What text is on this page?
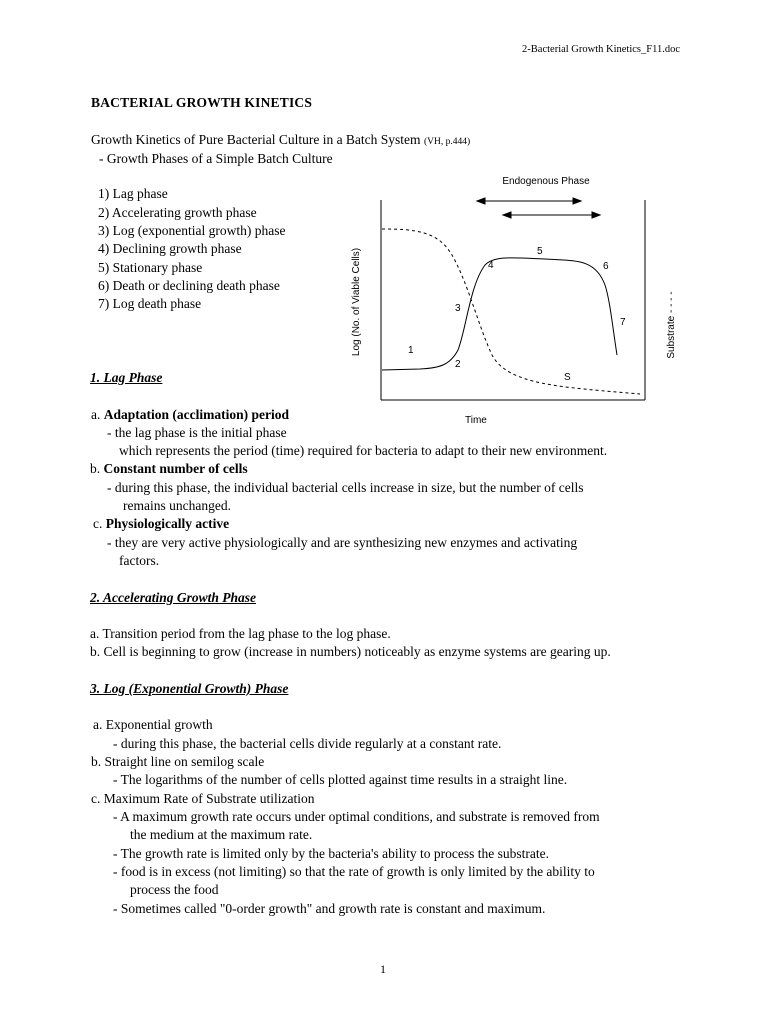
2-Bacterial Growth Kinetics_F11.doc
BACTERIAL GROWTH KINETICS
Growth Kinetics of Pure Bacterial Culture in a Batch System (VH, p.444)
- Growth Phases of a Simple Batch Culture
1) Lag phase
2) Accelerating growth phase
3) Log (exponential growth) phase
4) Declining growth phase
5) Stationary phase
6) Death or declining death phase
7) Log death phase
Endogenous Phase
1
2
3
4
5
6
7
S
Time
Log (No. of Viable Cells)	Substrate - - - -
1. Lag Phase
a. Adaptation (acclimation) period
- the lag phase is the initial phase
which represents the period (time) required for bacteria to adapt to their new environment.
b. Constant number of cells
- during this phase, the individual bacterial cells increase in size, but the number of cells
remains unchanged.
c. Physiologically active
- they are very active physiologically and are synthesizing new enzymes and activating
factors.
2. Accelerating Growth Phase
a. Transition period from the lag phase to the log phase.
b. Cell is beginning to grow (increase in numbers) noticeably as enzyme systems are gearing up.
3. Log (Exponential Growth) Phase
a. Exponential growth
- during this phase, the bacterial cells divide regularly at a constant rate.
b. Straight line on semilog scale
- The logarithms of the number of cells plotted against time results in a straight line.
c. Maximum Rate of Substrate utilization
- A maximum growth rate occurs under optimal conditions, and substrate is removed from
the medium at the maximum rate.
- The growth rate is limited only by the bacteria's ability to process the substrate.
- food is in excess (not limiting) so that the rate of growth is only limited by the ability to
process the food
- Sometimes called "0-order growth" and growth rate is constant and maximum.
1
